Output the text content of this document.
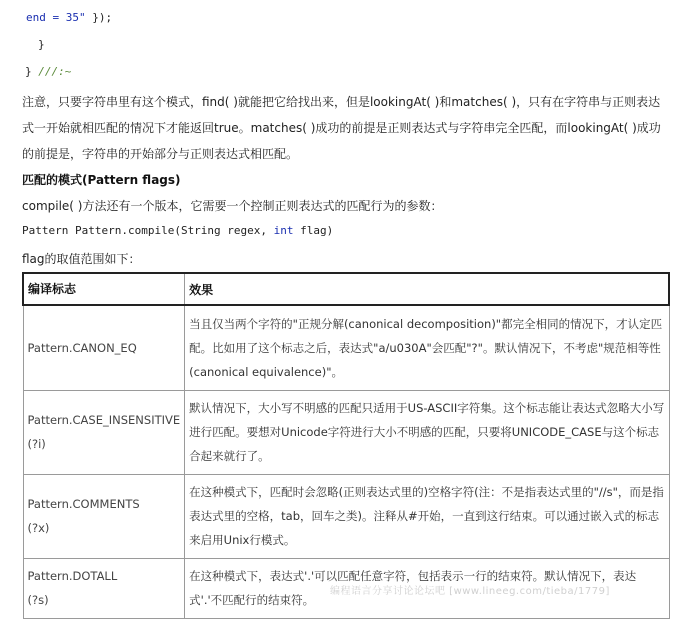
end = 35" });
}
} ///:~

注意，只要字符串里有这个模式，find( )就能把它给找出来，但是lookingAt( )和matches( )，只有在字符串与正则表达式一开始就相匹配的情况下才能返回true。matches( )成功的前提是正则表达式与字符串完全匹配，而lookingAt( )成功的前提是，字符串的开始部分与正则表达式相匹配。

匹配的模式(Pattern flags)
compile( )方法还有一个版本，它需要一个控制正则表达式的匹配行为的参数：
Pattern Pattern.compile(String regex, int flag)
flag的取值范围如下：
编译标志	效果

Pattern.CANON_EQ	当且仅当两个字符的"正规分解(canonical decomposition)"都完全相同的情况下，才认定匹配。比如用了这个标志之后，表达式"a/u030A"会匹配"?"。默认情况下，不考虑"规范相等性(canonical equivalence)"。

Pattern.CASE_INSENSITIVE
(?i)	默认情况下，大小写不明感的匹配只适用于US-ASCII字符集。这个标志能让表达式忽略大小写进行匹配。要想对Unicode字符进行大小不明感的匹配，只要将UNICODE_CASE与这个标志合起来就行了。

Pattern.COMMENTS
(?x)	在这种模式下，匹配时会忽略(正则表达式里的)空格字符(注：不是指表达式里的"//s"，而是指表达式里的空格，tab，回车之类)。注释从#开始，一直到这行结束。可以通过嵌入式的标志来启用Unix行模式。

Pattern.DOTALL
(?s)	在这种模式下，表达式'.'可以匹配任意字符，包括表示一行的结束符。默认情况下，表达式'.'不匹配行的结束符。
编程语言分享讨论论坛吧 [www.lineeg.com/tieba/1779]
